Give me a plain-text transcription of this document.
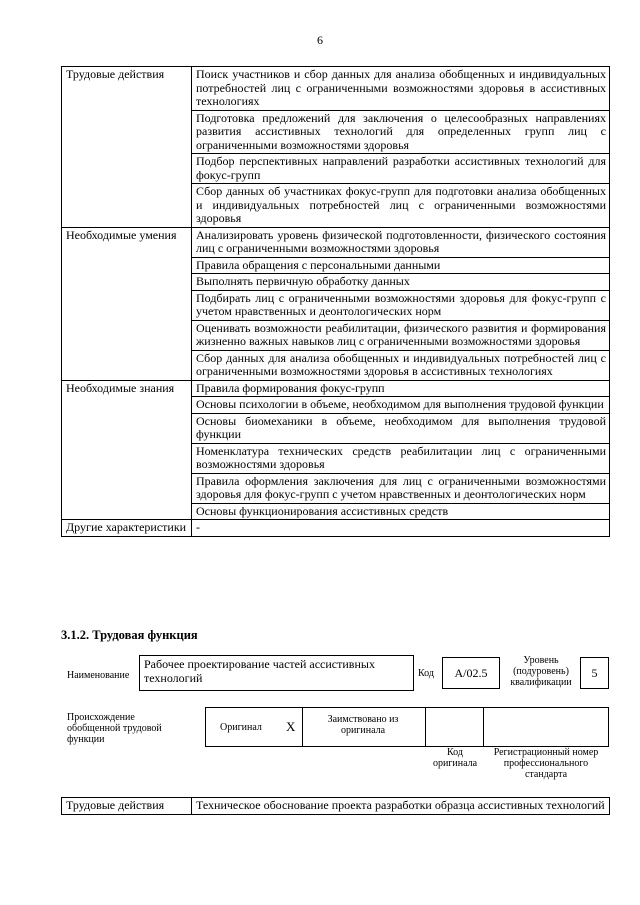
6
Трудовые действия	Поиск участников и сбор данных для анализа обобщенных и индивидуальных потребностей лиц с ограниченными возможностями здоровья в ассистивных технологиях
	Подготовка предложений для заключения о целесообразных направлениях развития ассистивных технологий для определенных групп лиц с ограниченными возможностями здоровья
	Подбор перспективных направлений разработки ассистивных технологий для фокус-групп
	Сбор данных об участниках фокус-групп для подготовки анализа обобщенных и индивидуальных потребностей лиц с ограниченными возможностями здоровья
Необходимые умения	Анализировать уровень физической подготовленности, физического состояния лиц с ограниченными возможностями здоровья
	Правила обращения с персональными данными
	Выполнять первичную обработку данных
	Подбирать лиц с ограниченными возможностями здоровья для фокус-групп с учетом нравственных и деонтологических норм
	Оценивать возможности реабилитации, физического развития и формирования жизненно важных навыков лиц с ограниченными возможностями здоровья
	Сбор данных для анализа обобщенных и индивидуальных потребностей лиц с ограниченными возможностями здоровья в ассистивных технологиях
Необходимые знания	Правила формирования фокус-групп
	Основы психологии в объеме, необходимом для выполнения трудовой функции
	Основы биомеханики в объеме, необходимом для выполнения трудовой функции
	Номенклатура технических средств реабилитации лиц с ограниченными возможностями здоровья
	Правила оформления заключения для лиц с ограниченными возможностями здоровья для фокус-групп с учетом нравственных и деонтологических норм
	Основы функционирования ассистивных средств
Другие характеристики	-
3.1.2. Трудовая функция
Наименование
Рабочее проектирование частей ассистивных технологий	Код	A/02.5
Уровень (подуровень) квалификации
5
Происхождение обобщенной трудовой функции
Оригинал X	Заимствовано из оригинала
Код оригинала
Регистрационный номер профессионального стандарта
Трудовые действия	Техническое обоснование проекта разработки образца ассистивных технологий
